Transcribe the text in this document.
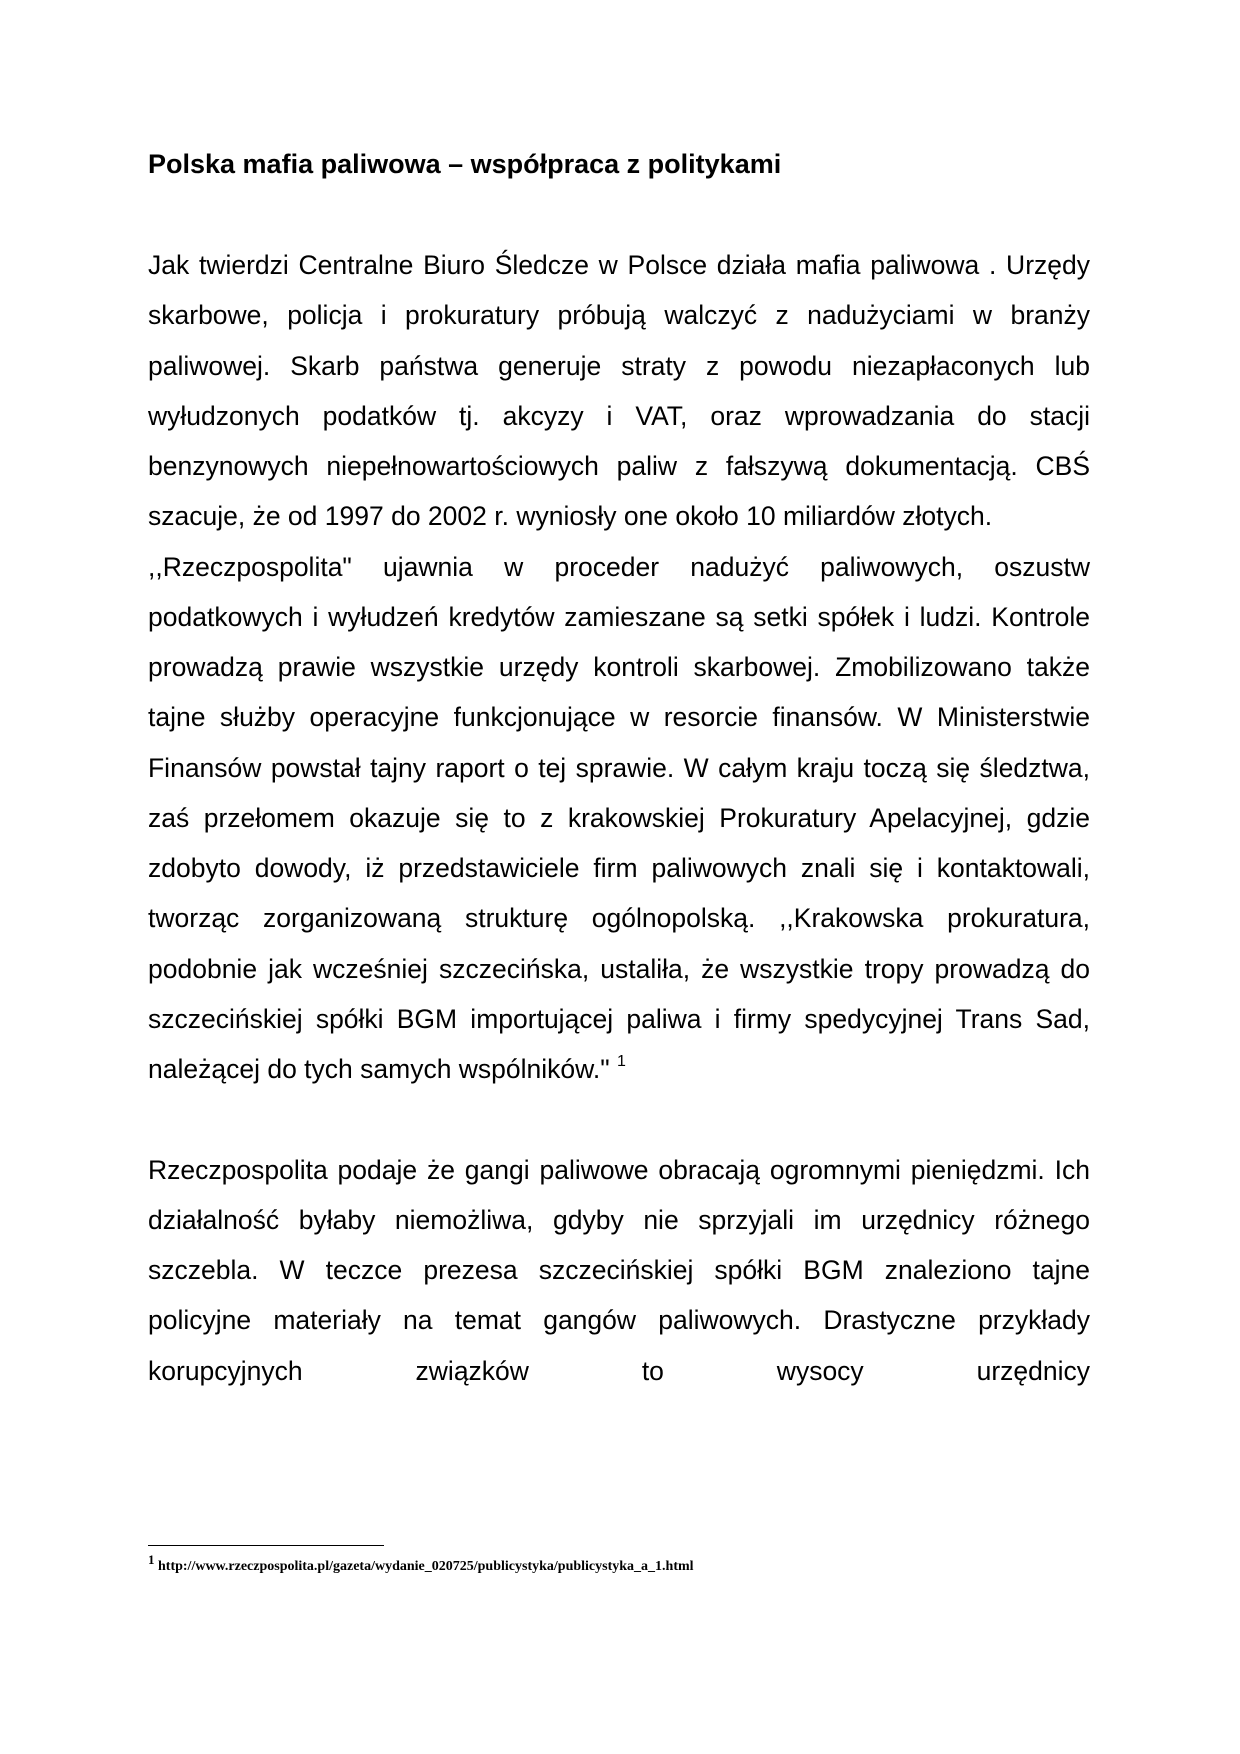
Polska mafia paliwowa – współpraca z politykami

Jak twierdzi Centralne Biuro Śledcze w Polsce działa mafia paliwowa . Urzędy skarbowe, policja i prokuratury próbują walczyć z nadużyciami w branży paliwowej. Skarb państwa generuje straty z powodu niezapłaconych lub wyłudzonych podatków tj. akcyzy i VAT, oraz wprowadzania do stacji benzynowych niepełnowartościowych paliw z fałszywą dokumentacją. CBŚ szacuje, że od 1997 do 2002 r. wyniosły one około 10 miliardów złotych.

,,Rzeczpospolita" ujawnia w proceder nadużyć paliwowych, oszustw podatkowych i wyłudzeń kredytów zamieszane są setki spółek i ludzi. Kontrole prowadzą prawie wszystkie urzędy kontroli skarbowej. Zmobilizowano także tajne służby operacyjne funkcjonujące w resorcie finansów. W Ministerstwie Finansów powstał tajny raport o tej sprawie. W całym kraju toczą się śledztwa, zaś przełomem okazuje się to z krakowskiej Prokuratury Apelacyjnej, gdzie zdobyto dowody, iż przedstawiciele firm paliwowych znali się i kontaktowali, tworząc zorganizowaną strukturę ogólnopolską. ,,Krakowska prokuratura, podobnie jak wcześniej szczecińska, ustaliła, że wszystkie tropy prowadzą do szczecińskiej spółki BGM importującej paliwa i firmy spedycyjnej Trans Sad, należącej do tych samych wspólników." $^1$

Rzeczpospolita podaje że gangi paliwowe obracają ogromnymi pieniędzmi. Ich działalność byłaby niemożliwa, gdyby nie sprzyjali im urzędnicy różnego szczebla. W teczce prezesa szczecińskiej spółki BGM znaleziono tajne policyjne materiały na temat gangów paliwowych. Drastyczne przykłady korupcyjnych związków to wysocy urzędnicy

1 http://www.rzeczpospolita.pl/gazeta/wydanie_020725/publicystyka/publicystyka_a_1.html
